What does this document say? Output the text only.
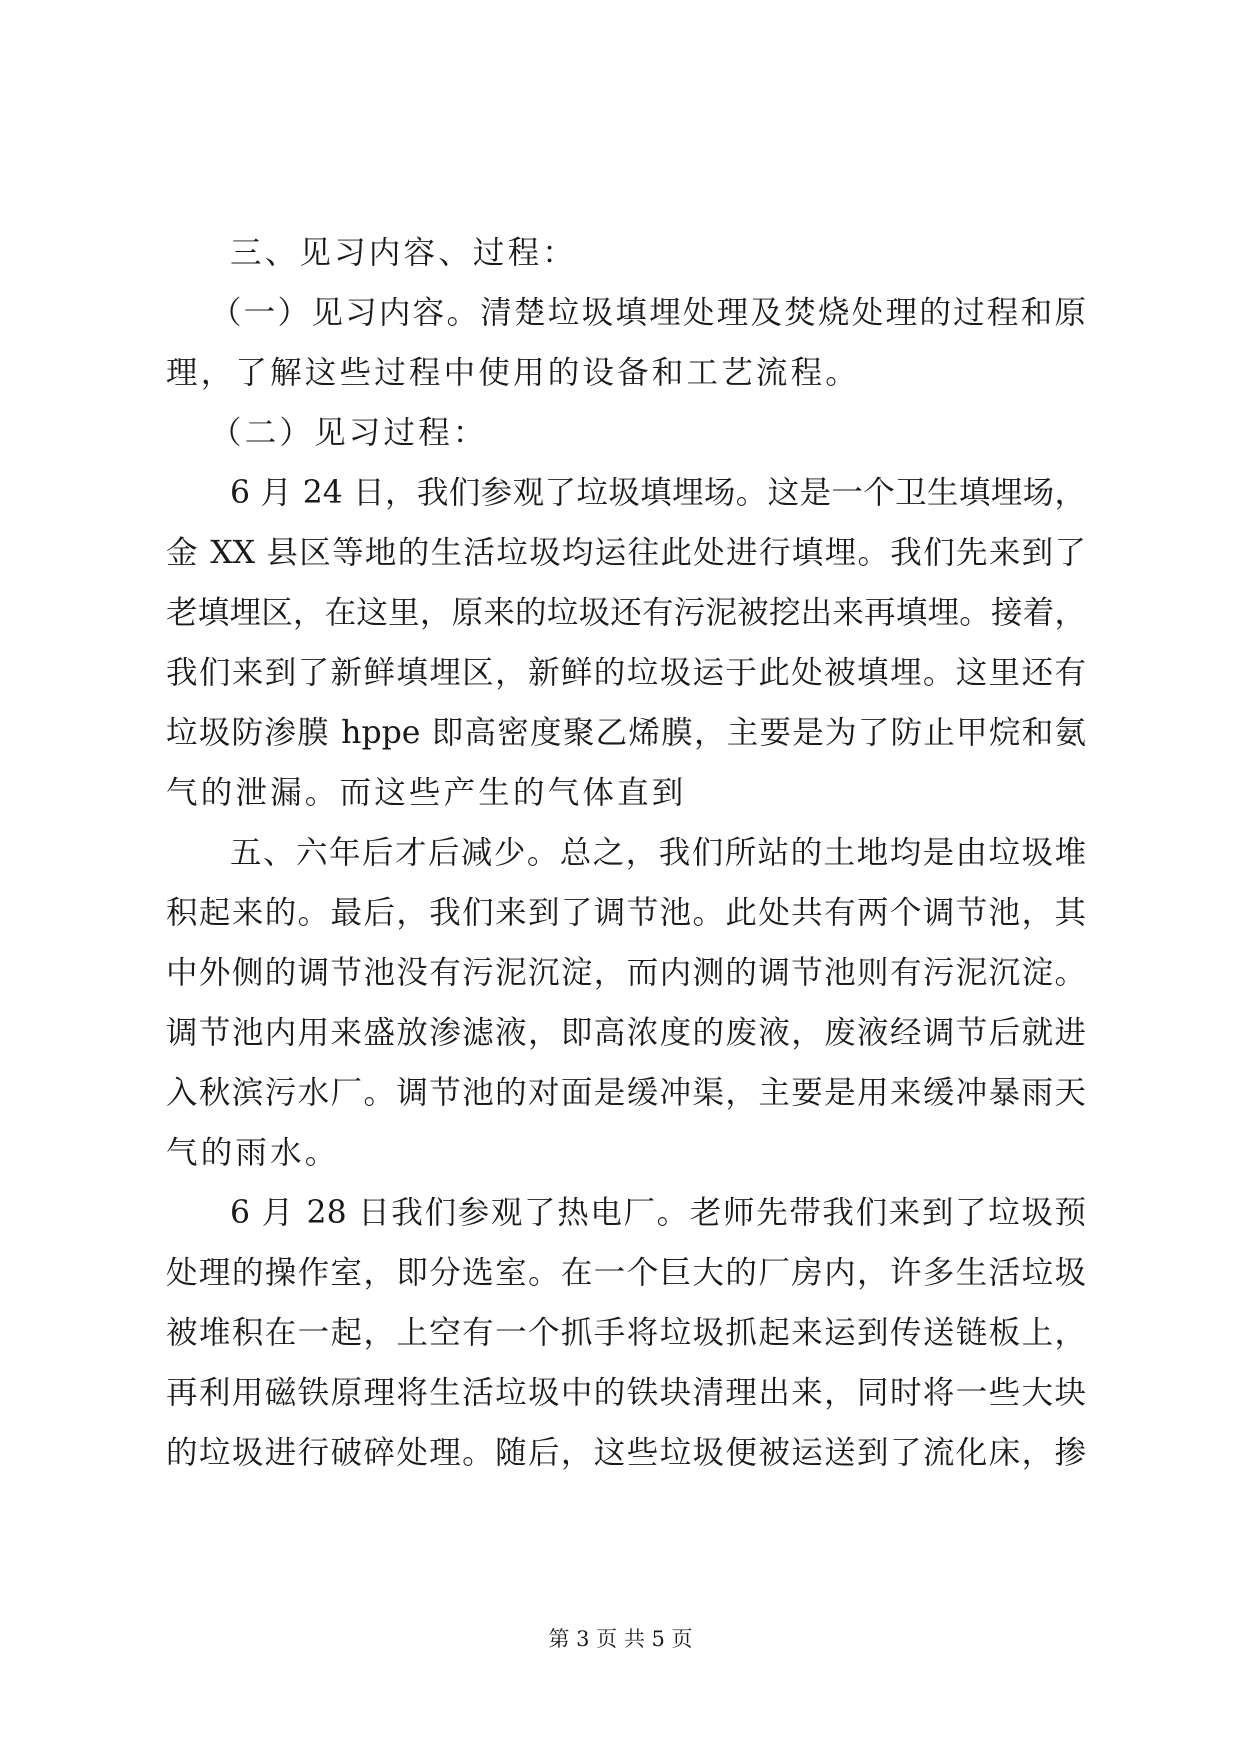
三、见习内容、过程：
（一）见习内容。清楚垃圾填埋处理及焚烧处理的过程和原
理，了解这些过程中使用的设备和工艺流程。
（二）见习过程：
6 月 24 日，我们参观了垃圾填埋场。这是一个卫生填埋场，
金 XX 县区等地的生活垃圾均运往此处进行填埋。我们先来到了
老填埋区，在这里，原来的垃圾还有污泥被挖出来再填埋。接着，
我们来到了新鲜填埋区，新鲜的垃圾运于此处被填埋。这里还有
垃圾防渗膜 hppe 即高密度聚乙烯膜，主要是为了防止甲烷和氨
气的泄漏。而这些产生的气体直到
五、六年后才后减少。总之，我们所站的土地均是由垃圾堆
积起来的。最后，我们来到了调节池。此处共有两个调节池，其
中外侧的调节池没有污泥沉淀，而内测的调节池则有污泥沉淀。
调节池内用来盛放渗滤液，即高浓度的废液，废液经调节后就进
入秋滨污水厂。调节池的对面是缓冲渠，主要是用来缓冲暴雨天
气的雨水。
6 月 28 日我们参观了热电厂。老师先带我们来到了垃圾预
处理的操作室，即分选室。在一个巨大的厂房内，许多生活垃圾
被堆积在一起，上空有一个抓手将垃圾抓起来运到传送链板上，
再利用磁铁原理将生活垃圾中的铁块清理出来，同时将一些大块
的垃圾进行破碎处理。随后，这些垃圾便被运送到了流化床，掺
第 3 页 共 5 页
